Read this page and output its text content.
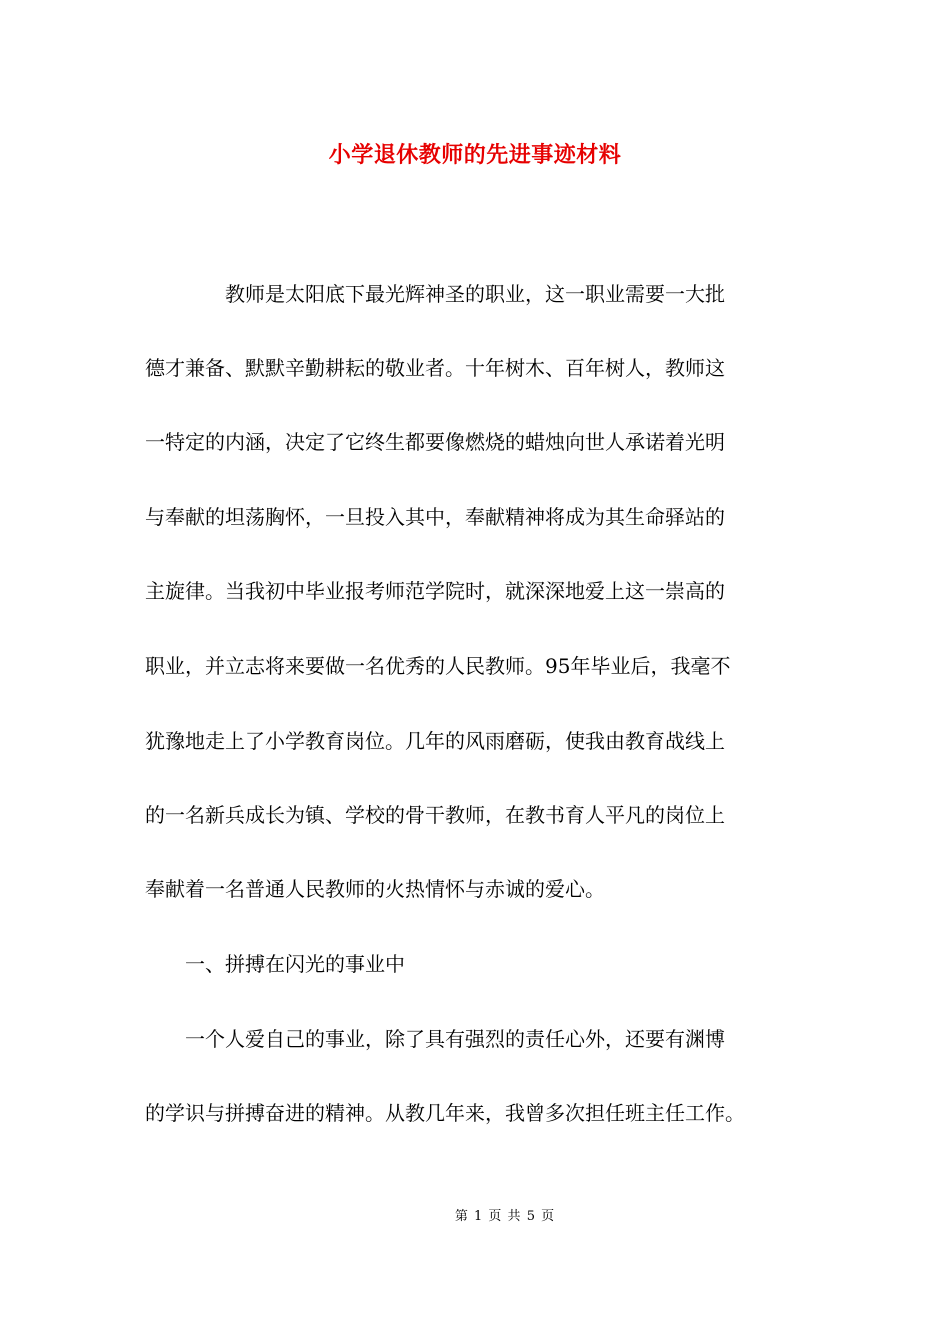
小学退休教师的先进事迹材料
　　　　教师是太阳底下最光辉神圣的职业，这一职业需要一大批
德才兼备、默默辛勤耕耘的敬业者。十年树木、百年树人，教师这
一特定的内涵，决定了它终生都要像燃烧的蜡烛向世人承诺着光明
与奉献的坦荡胸怀，一旦投入其中，奉献精神将成为其生命驿站的
主旋律。当我初中毕业报考师范学院时，就深深地爱上这一崇高的
职业，并立志将来要做一名优秀的人民教师。95年毕业后，我毫不
犹豫地走上了小学教育岗位。几年的风雨磨砺，使我由教育战线上
的一名新兵成长为镇、学校的骨干教师，在教书育人平凡的岗位上
奉献着一名普通人民教师的火热情怀与赤诚的爱心。
　　一、拼搏在闪光的事业中
　　一个人爱自己的事业，除了具有强烈的责任心外，还要有渊博
的学识与拼搏奋进的精神。从教几年来，我曾多次担任班主任工作。
第 1 页 共 5 页
